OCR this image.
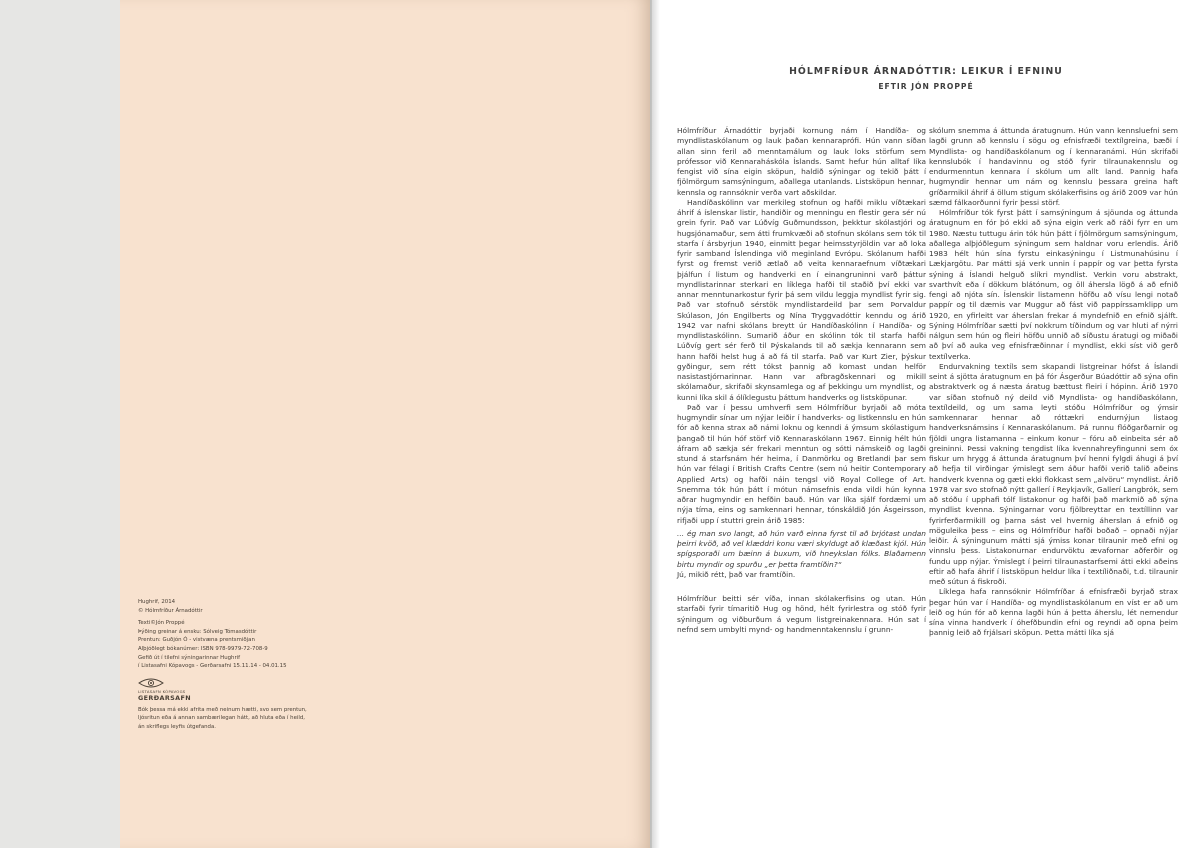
Hughrif, 2014
© Hólmfríður Árnadóttir
Texti©Jón Proppé
Þýðing greinar á ensku: Sólveig Tómasdóttir
Prentun: Guðjón Ó - vistvæna prentsmiðjan
Alþjóðlegt bókanúmer: ISBN 978-9979-72-708-9
Gefið út í tilefni sýningarinnar Hughrif
í Listasafni Kópavogs - Gerðarsafni 15.11.14 - 04.01.15
LISTASAFN KÓPAVOGS
GERÐARSAFN
Bók þessa má ekki afrita með neinum hætti, svo sem prentun,
ljósritun eða á annan sambærilegan hátt, að hluta eða í heild,
án skriflegs leyfis útgefanda.
HÓLMFRÍÐUR ÁRNADÓTTIR: LEIKUR Í EFNINU
EFTIR JÓN PROPPÉ

Hólmfríður Árnadóttir byrjaði kornung nám í Handíða- og myndlistaskólanum og lauk þaðan kennaraprófi. Hún vann síðan allan sinn feril að menntamálum og lauk loks störfum sem prófessor við Kennaraháskóla Íslands. Samt hefur hún alltaf líka fengist við sína eigin sköpun, haldið sýningar og tekið þátt í fjölmörgum samsýningum, aðallega utanlands. Listsköpun hennar, kennsla og rannsóknir verða vart aðskildar.

Handíðaskólinn var merkileg stofnun og hafði miklu víðtækari áhrif á íslenskar listir, handiðir og menningu en flestir gera sér nú grein fyrir. Það var Lúðvíg Guðmundsson, þekktur skólastjóri og hugsjónamaður, sem átti frumkvæði að stofnun skólans sem tók til starfa í ársbyrjun 1940, einmitt þegar heimsstyrjöldin var að loka fyrir samband Íslendinga við meginland Evrópu. Skólanum hafði fyrst og fremst verið ætlað að veita kennaraefnum víðtækari þjálfun í listum og handverki en í einangruninni varð þáttur myndlistarinnar sterkari en líklega hafði til staðið því ekki var annar menntunarkostur fyrir þá sem vildu leggja myndlist fyrir sig. Það var stofnuð sérstök myndlistardeild þar sem Þorvaldur Skúlason, Jón Engilberts og Nína Tryggvadóttir kenndu og árið 1942 var nafni skólans breytt úr Handíðaskólinn í Handíða- og myndlistaskólinn. Sumarið áður en skólinn tók til starfa hafði Lúðvíg gert sér ferð til Þýskalands til að sækja kennarann sem hann hafði helst hug á að fá til starfa. Það var Kurt Zier, þýskur gyðingur, sem rétt tókst þannig að komast undan helför nasistastjórnarinnar. Hann var afbragðskennari og mikill skólamaður, skrifaði skynsamlega og af þekkingu um myndlist, og kunni líka skil á ólíklegustu þáttum handverks og listsköpunar.

Það var í þessu umhverfi sem Hólmfríður byrjaði að móta hugmyndir sínar um nýjar leiðir í handverks- og listkennslu en hún fór að kenna strax að námi loknu og kenndi á ýmsum skólastigum þangað til hún hóf störf við Kennaraskólann 1967. Einnig hélt hún áfram að sækja sér frekari menntun og sótti námskeið og lagði stund á starfsnám hér heima, í Danmörku og Bretlandi þar sem hún var félagi í British Crafts Centre (sem nú heitir Contemporary Applied Arts) og hafði náin tengsl við Royal College of Art. Snemma tók hún þátt í mótun námsefnis enda vildi hún kynna aðrar hugmyndir en hefðin bauð. Hún var líka sjálf fordæmi um nýja tíma, eins og samkennari hennar, tónskáldið Jón Ásgeirsson, rifjaði upp í stuttri grein árið 1985:

... ég man svo langt, að hún varð einna fyrst til að brjótast undan þeirri kvöð, að vel klæddri konu væri skyldugt að klæðast kjól. Hún spígsporaði um bæinn á buxum, við hneykslan fólks. Blaðamenn birtu myndir og spurðu „er þetta framtíðin?“

Jú, mikið rétt, það var framtíðin.

Hólmfríður beitti sér víða, innan skólakerfisins og utan. Hún starfaði fyrir tímaritið Hug og hönd, hélt fyrirlestra og stóð fyrir sýningum og viðburðum á vegum listgreinakennara. Hún sat í nefnd sem umbylti mynd- og handmenntakennslu í grunn-

skólum snemma á áttunda áratugnum. Hún vann kennsluefni sem lagði grunn að kennslu í sögu og efnisfræði textílgreina, bæði í Myndlista- og handíðaskólanum og í kennaranámi. Hún skrifaði kennslubók í handavinnu og stóð fyrir tilraunakennslu og endurmenntun kennara í skólum um allt land. Þannig hafa hugmyndir hennar um nám og kennslu þessara greina haft gríðarmikil áhrif á öllum stigum skólakerfisins og árið 2009 var hún sæmd fálkaorðunni fyrir þessi störf.

Hólmfríður tók fyrst þátt í samsýningum á sjöunda og áttunda áratugnum en fór þó ekki að sýna eigin verk að ráði fyrr en um 1980. Næstu tuttugu árin tók hún þátt í fjölmörgum samsýningum, aðallega alþjóðlegum sýningum sem haldnar voru erlendis. Árið 1983 hélt hún sína fyrstu einkasýningu í Listmunahúsinu í Lækjargötu. Þar mátti sjá verk unnin í pappír og var þetta fyrsta sýning á Íslandi helguð slíkri myndlist. Verkin voru abstrakt, svarthvít eða í dökkum blátónum, og öll áhersla lögð á að efnið fengi að njóta sín. Íslenskir listamenn höfðu að vísu lengi notað pappír og til dæmis var Muggur að fást við pappírssamklipp um 1920, en yfirleitt var áherslan frekar á myndefnið en efnið sjálft. Sýning Hólmfríðar sætti því nokkrum tíðindum og var hluti af nýrri nálgun sem hún og fleiri höfðu unnið að síðustu áratugi og miðaði að því að auka veg efnisfræðinnar í myndlist, ekki síst við gerð textílverka.

Endurvakning textíls sem skapandi listgreinar hófst á Íslandi seint á sjötta áratugnum en þá fór Ásgerður Búadóttir að sýna ofin abstraktverk og á næsta áratug bættust fleiri í hópinn. Árið 1970 var síðan stofnuð ný deild við Myndlista- og handíðaskólann, textíldeild, og um sama leyti stóðu Hólmfríður og ýmsir samkennarar hennar að róttækri endurnýjun listaog handverksnámsins í Kennaraskólanum. Þá runnu flóðgarðarnir og fjöldi ungra listamanna – einkum konur – fóru að einbeita sér að greininni. Þessi vakning tengdist líka kvennahreyfingunni sem óx fiskur um hrygg á áttunda áratugnum því henni fylgdi áhugi á því að hefja til virðingar ýmislegt sem áður hafði verið talið aðeins handverk kvenna og gæti ekki flokkast sem „alvöru“ myndlist. Árið 1978 var svo stofnað nýtt gallerí í Reykjavík, Gallerí Langbrók, sem að stóðu í upphafi tólf listakonur og hafði það markmið að sýna myndlist kvenna. Sýningarnar voru fjölbreyttar en textíllinn var fyrirferðarmikill og þarna sást vel hvernig áherslan á efnið og möguleika þess – eins og Hólmfríður hafði boðað – opnaði nýjar leiðir. Á sýningunum mátti sjá ýmiss konar tilraunir með efni og vinnslu þess. Listakonurnar endurvöktu ævafornar aðferðir og fundu upp nýjar. Ýmislegt í þeirri tilraunastarfsemi átti ekki aðeins eftir að hafa áhrif í listsköpun heldur líka í textíliðnaði, t.d. tilraunir með sútun á fiskroði.

Líklega hafa rannsóknir Hólmfríðar á efnisfræði byrjað strax þegar hún var í Handíða- og myndlistaskólanum en víst er að um leið og hún fór að kenna lagði hún á þetta áherslu, lét nemendur sína vinna handverk í óhefðbundin efni og reyndi að opna þeim þannig leið að frjálsari sköpun. Þetta mátti líka sjá
